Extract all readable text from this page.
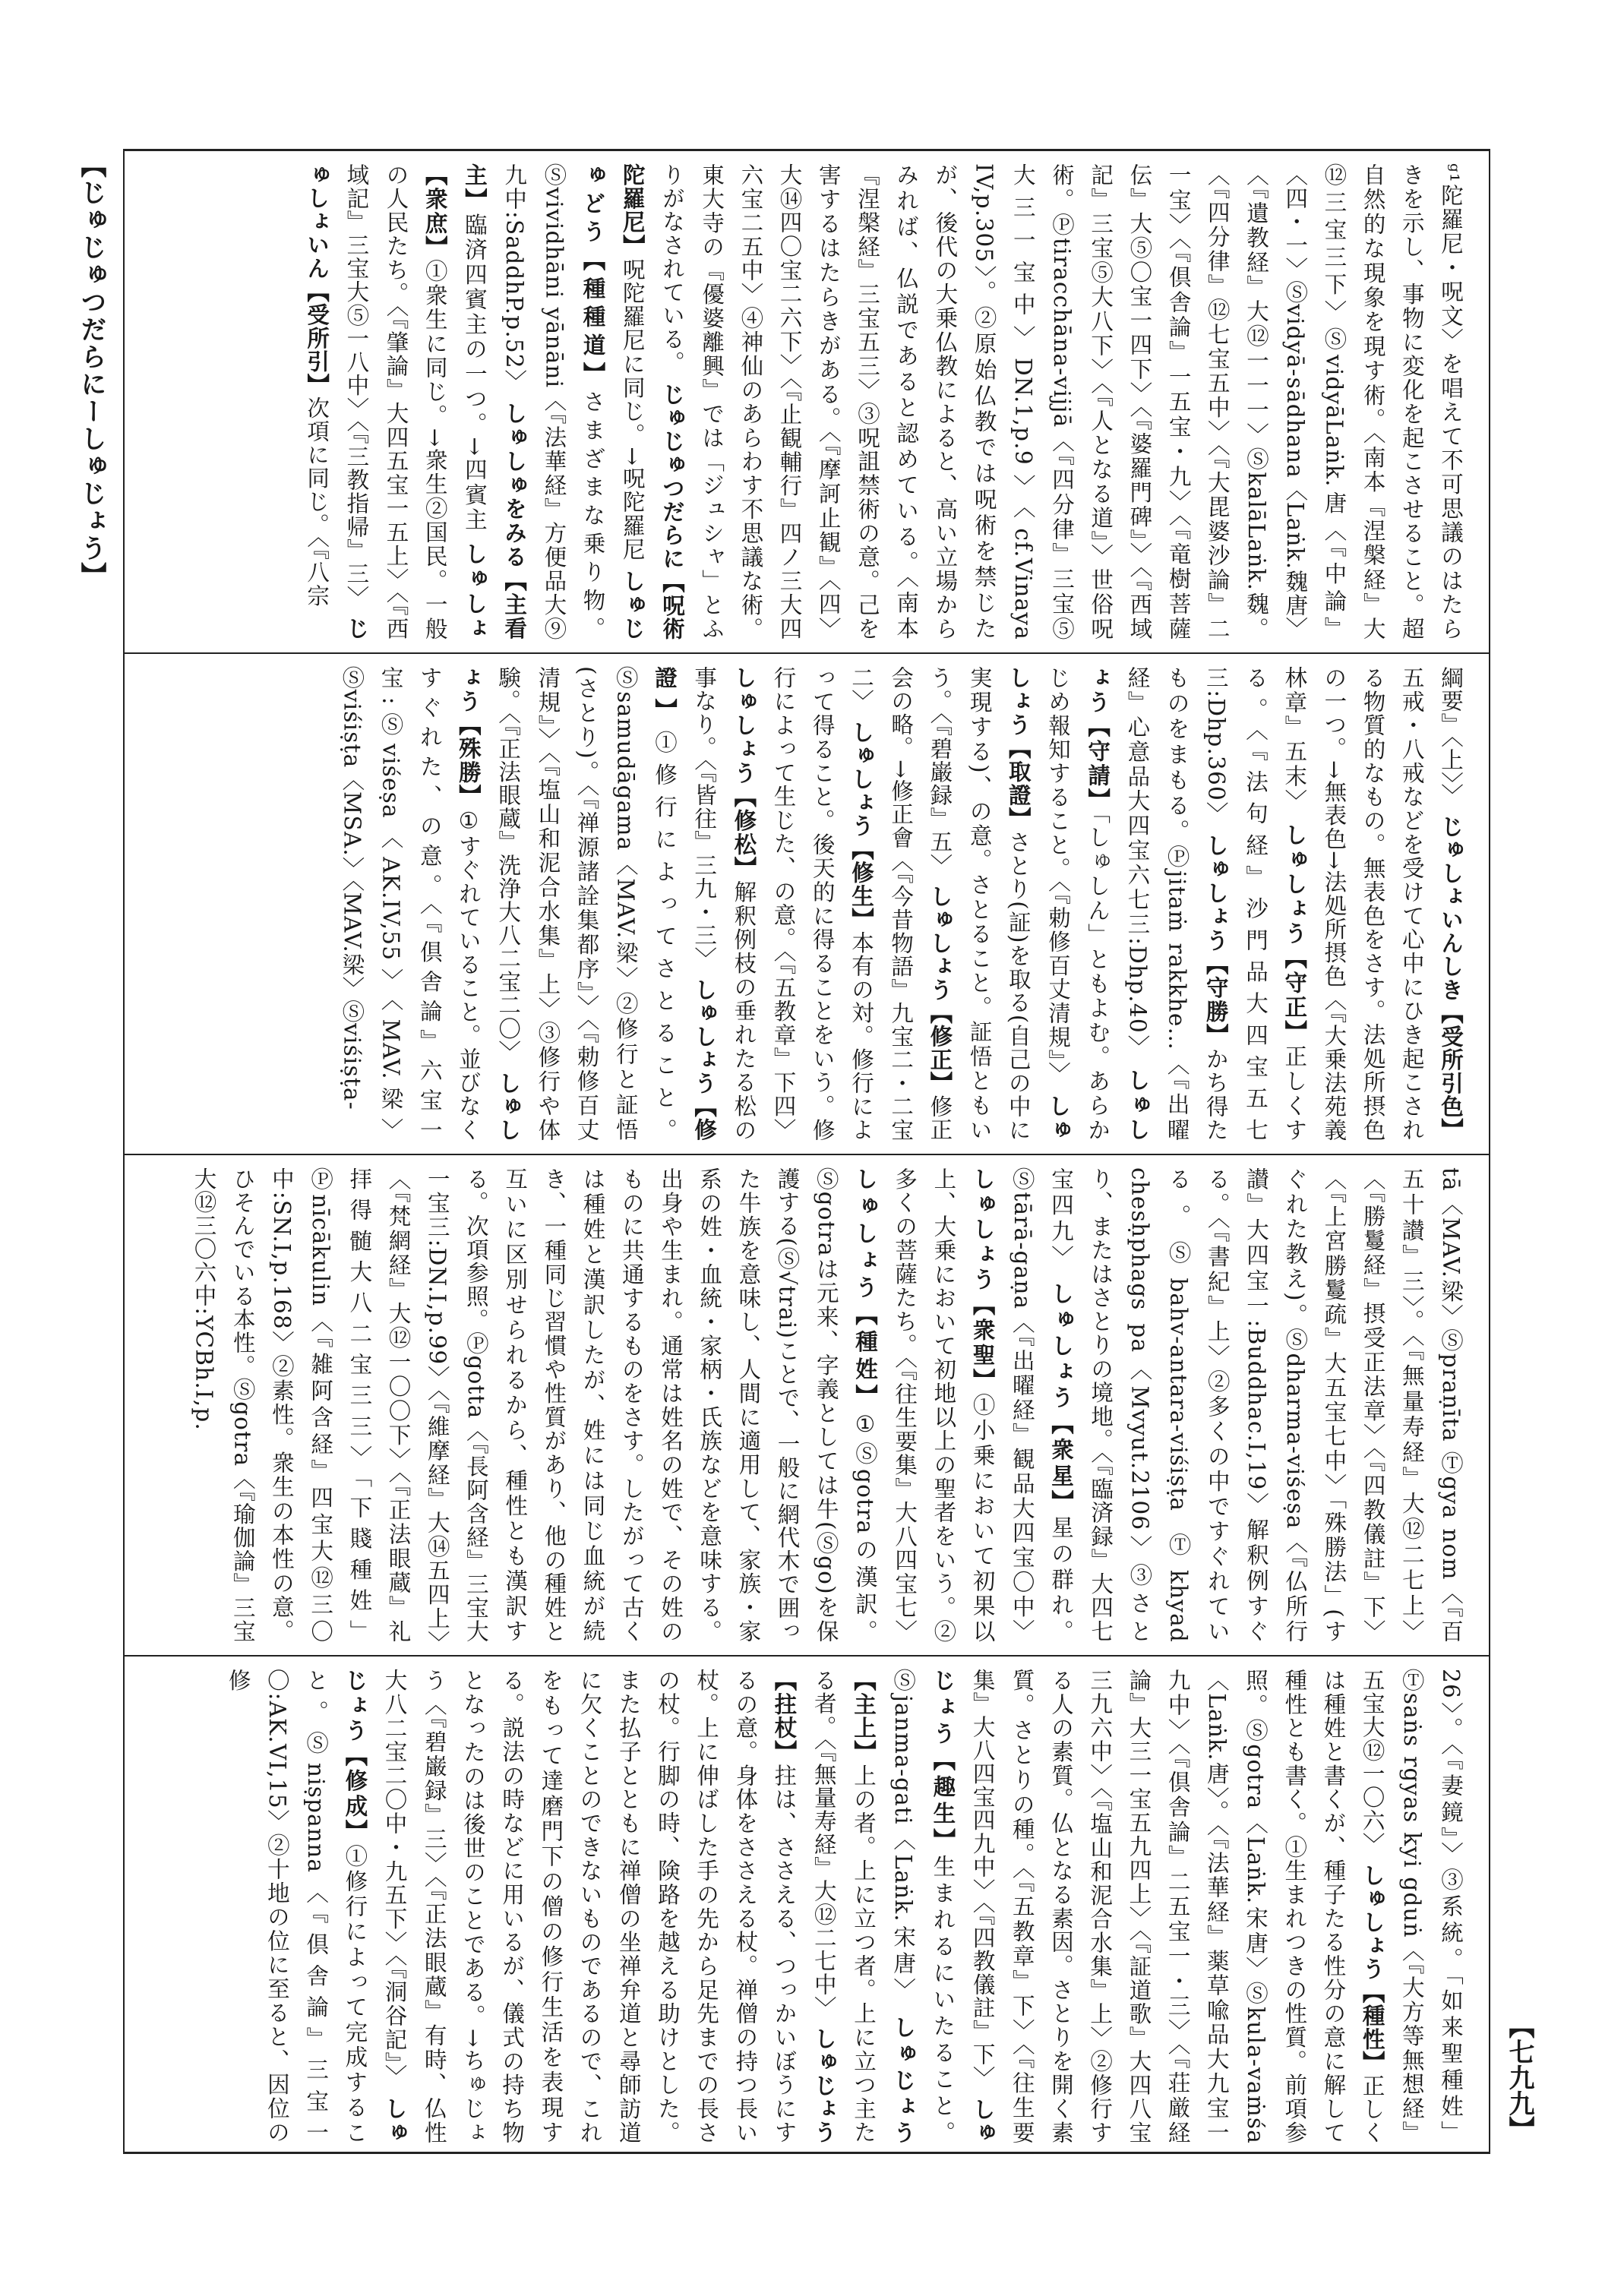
【じゅじゅつだらにーしゅじょう】
【七九九】
ᵍ¹陀羅尼・呪文〉を唱えて不可思議のはたらきを示し、事物に変化を起こさせること。超自然的な現象を現す術。〈南本『涅槃経』大⑫三宝三下〉ⓈvidyāLaṅk.唐〈『中論』〈四・一〉Ⓢvidyā-sādhana〈Laṅk.魏唐〉〈『遺教経』大⑫一一一〉ⓈkalāLaṅk.魏。〈『四分律』⑫七宝五中〉〈『大毘婆沙論』二一宝〉〈『倶舎論』一五宝・九〉〈『竜樹菩薩伝』大⑤〇宝一四下〉〈『婆羅門碑』〉〈『西域記』三宝⑤大八下〉〈『人となる道』〉世俗呪術。Ⓟtiracchāna-vijjā〈『四分律』三宝⑤大三一宝中〉DN.1,p.9〉〈cf.Vinaya IV,p.305〉。②原始仏教では呪術を禁じたが、後代の大乗仏教によると、高い立場からみれば、仏説であると認めている。〈南本『涅槃経』三宝五三〉③呪詛禁術の意。己を害するはたらきがある。〈『摩訶止観』〈四〉大⑭四〇宝二六下〉〈『止観輔行』四ノ三大四六宝二五中〉④神仙のあらわす不思議な術。東大寺の『優婆離興』では「ジュシャ」とふりがなされている。 じゅじゅつだらに【呪術陀羅尼】呪陀羅尼に同じ。→呪陀羅尼 しゅじゅどう【種種道】さまざまな乗り物。Ⓢvividhāni yānāni〈『法華経』方便品大⑨九中:SaddhP.p.52〉 しゅしゅをみる【主看主】臨済四賓主の一つ。→四賓主 しゅしょ【衆庶】①衆生に同じ。→衆生②国民。一般の人民たち。〈『肇論』大四五宝一五上〉〈『西域記』三宝大⑤一八中〉〈『三教指帰』三〉 じゅしょいん【受所引】次項に同じ。〈『八宗
綱要』〈上〉〉 じゅしょいんしき【受所引色】五戒・八戒などを受けて心中にひき起こされる物質的なもの。無表色をさす。法処所摂色の一つ。→無表色→法処所摂色〈『大乗法苑義林章』五末〉 しゅしょう【守正】正しくする。〈『法句経』沙門品大四宝五七三:Dhp.360〉 しゅしょう【守勝】かち得たものをまもる。Ⓟjitaṁ rakkhe…〈『出曜経』心意品大四宝六七三:Dhp.40〉 しゅしょう【守請】「しゅしん」ともよむ。あらかじめ報知すること。〈『勅修百丈清規』〉 しゅしょう【取證】さとり(証)を取る(自己の中に実現する)、の意。さとること。証悟ともいう。〈『碧巌録』五〉 しゅしょう【修正】修正会の略。→修正會〈『今昔物語』九宝二・二宝二〉 しゅしょう【修生】本有の対。修行によって得ること。後天的に得ることをいう。修行によって生じた、の意。〈『五教章』下四〉 しゅしょう【修松】解釈例枝の垂れたる松の事なり。〈『皆往』三九・三〉 しゅしょう【修證】①修行によってさとること。Ⓢsamudāgama〈MAV.梁〉②修行と証悟(さとり)。〈『禅源諸詮集都序』〉〈『勅修百丈清規』〉〈『塩山和泥合水集』上〉③修行や体験。〈『正法眼蔵』洗浄大八二宝二〇〉 しゅしょう【殊勝】①すぐれていること。並びなくすぐれた、の意。〈『倶舎論』六宝一宝:Ⓢviśeṣa〈AK.IV,55〉〈MAV.梁〉Ⓢviśiṣṭa〈MSA.〉〈MAV.梁〉Ⓢviśiṣṭa-
tā〈MAV.梁〉Ⓢpraṇīta Ⓣgya nom〈『百五十讃』三〉。〈『無量寿経』大⑫二七上〉〈『勝鬘経』摂受正法章〉〈『四教儀註』下〉〈『上宮勝鬘疏』大五宝七中〉「殊勝法」(すぐれた教え)。Ⓢdharma-viśeṣa〈『仏所行讃』大四宝一:Buddhac.I,19〉解釈例すぐる。〈『書紀』上〉②多くの中ですぐれている。Ⓢbahv-antara-viśiṣṭa Ⓣkhyad chesḥphags pa〈Mvyut.2106〉③さとり、またはさとりの境地。〈『臨済録』大四七宝四九〉 しゅしょう【衆星】星の群れ。Ⓢtārā-gaṇa〈『出曜経』観品大四宝〇中〉 しゅしょう【衆聖】①小乗において初果以上、大乗において初地以上の聖者をいう。②多くの菩薩たち。〈『往生要集』大八四宝七〉 しゅしょう【種姓】①Ⓢgotraの漢訳。Ⓢgotraは元来、字義としては牛(Ⓢgo)を保護する(Ⓢ√trai)ことで、一般に網代木で囲った牛族を意味し、人間に適用して、家族・家系の姓・血統・家柄・氏族などを意味する。出身や生まれ。通常は姓名の姓で、その姓のものに共通するものをさす。したがって古くは種姓と漢訳したが、姓には同じ血統が続き、一種同じ習慣や性質があり、他の種姓と互いに区別せられるから、種性とも漢訳する。次項参照。Ⓟgotta〈『長阿含経』三宝大一宝三:DN.I,p.99〉〈『維摩経』大⑭五四上〉〈『梵網経』大⑫一〇〇下〉〈『正法眼蔵』礼拝得髄大八二宝三三〉「下賤種姓」Ⓟnīcākulin〈『雑阿含経』四宝大⑫三〇中:SN.I,p.168〉②素性。衆生の本性の意。ひそんでいる本性。Ⓢgotra〈『瑜伽論』三宝大⑫三〇六中:YCBh.I,p.
26〉。〈『妻鏡』〉③系統。「如来聖種姓」Ⓣsaṅs rgyas kyi gduṅ〈『大方等無想経』五宝大⑫一〇六〉 しゅしょう【種性】正しくは種姓と書くが、種子たる性分の意に解して種性とも書く。①生まれつきの性質。前項参照。Ⓢgotra〈Laṅk.宋唐〉Ⓢkula-vaṁśa〈Laṅk.唐〉。〈『法華経』薬草喩品大九宝一九中〉〈『倶舎論』二五宝一・三〉〈『荘厳経論』大三一宝五九四上〉〈『証道歌』大四八宝三九六中〉〈『塩山和泥合水集』上〉②修行する人の素質。仏となる素因。さとりを開く素質。さとりの種。〈『五教章』下〉〈『往生要集』大八四宝四九中〉〈『四教儀註』下〉 しゅじょう【趣生】生まれるにいたること。Ⓢjanma-gati〈Laṅk.宋唐〉 しゅじょう【主上】上の者。上に立つ者。上に立つ主たる者。〈『無量寿経』大⑫二七中〉 しゅじょう【拄杖】拄は、ささえる、つっかいぼうにするの意。身体をささえる杖。禅僧の持つ長い杖。上に伸ばした手の先から足先までの長さの杖。行脚の時、険路を越える助けとした。また払子とともに禅僧の坐禅弁道と尋師訪道に欠くことのできないものであるので、これをもって達磨門下の僧の修行生活を表現する。説法の時などに用いるが、儀式の持ち物となったのは後世のことである。→ちゅじょう〈『碧巌録』三〉〈『正法眼蔵』有時、仏性大八二宝二〇中・九五下〉〈『洞谷記』〉 しゅじょう【修成】①修行によって完成すること。Ⓢniṣpanna〈『倶舎論』三宝一〇:AK.VI,15〉②十地の位に至ると、因位の修
